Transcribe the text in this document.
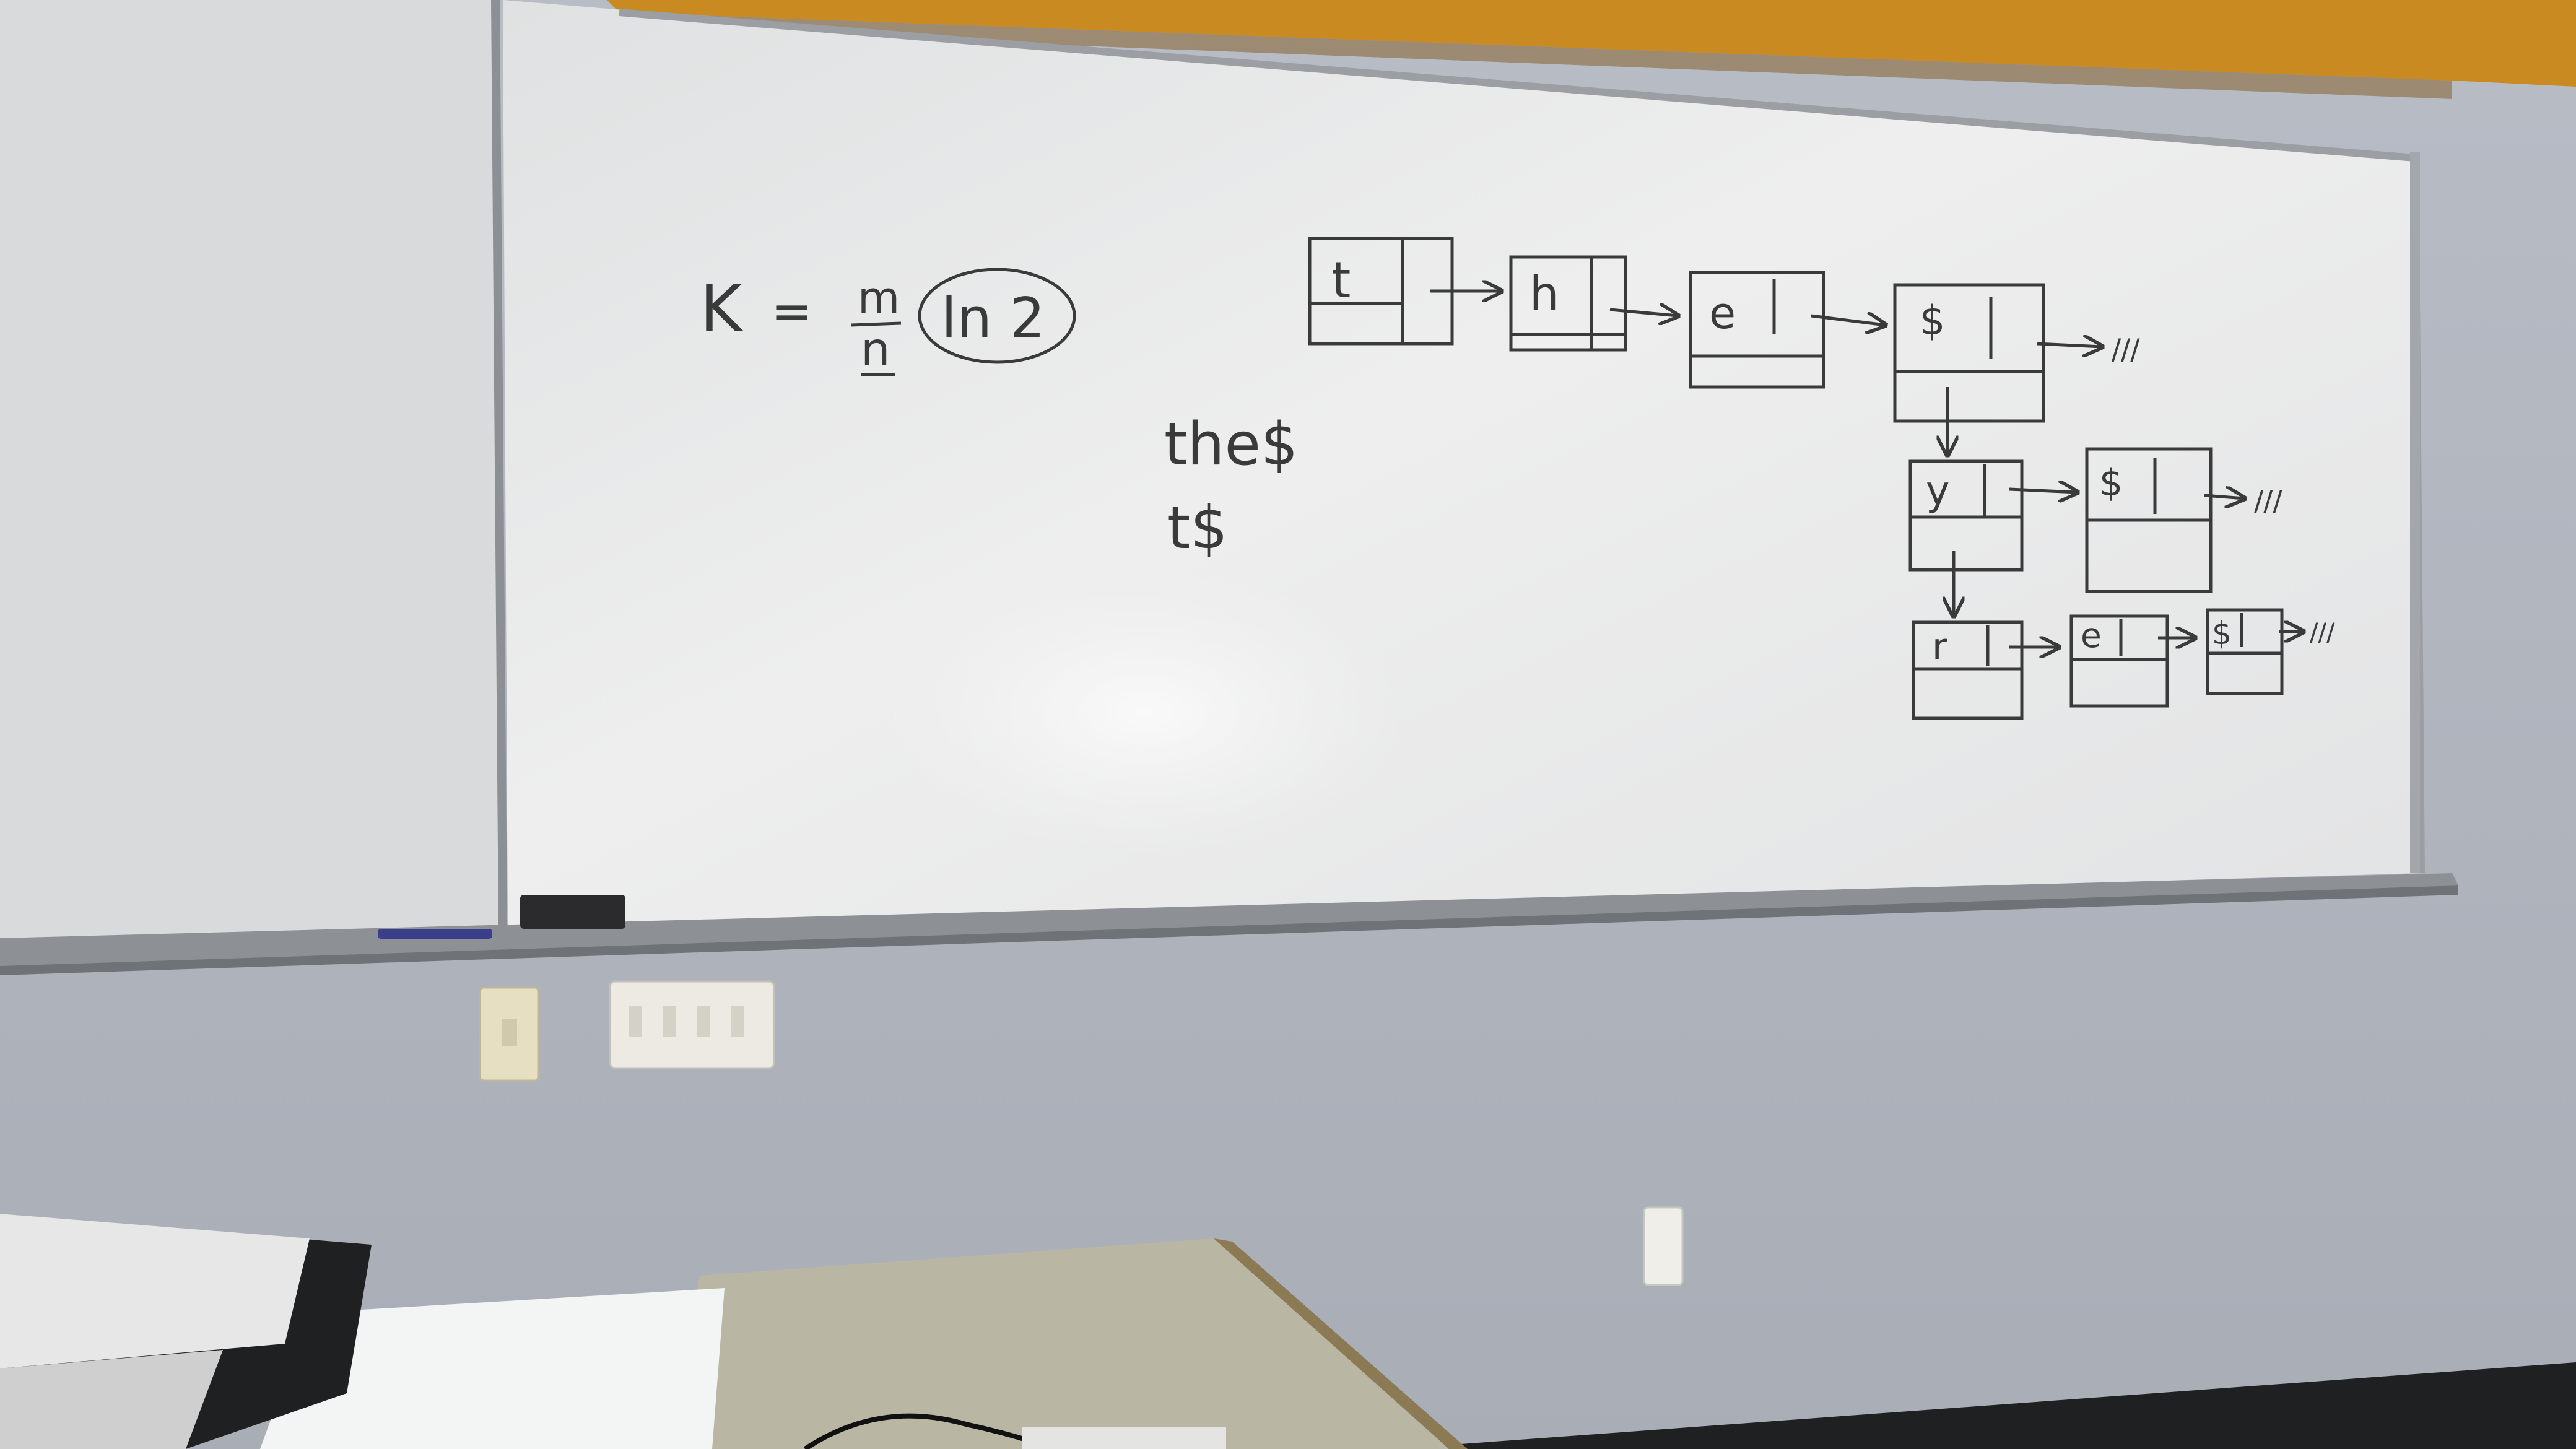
K = m
n ln 2
the$
t$
t	h	e	$
///
y	$	///
r	e	$	///
